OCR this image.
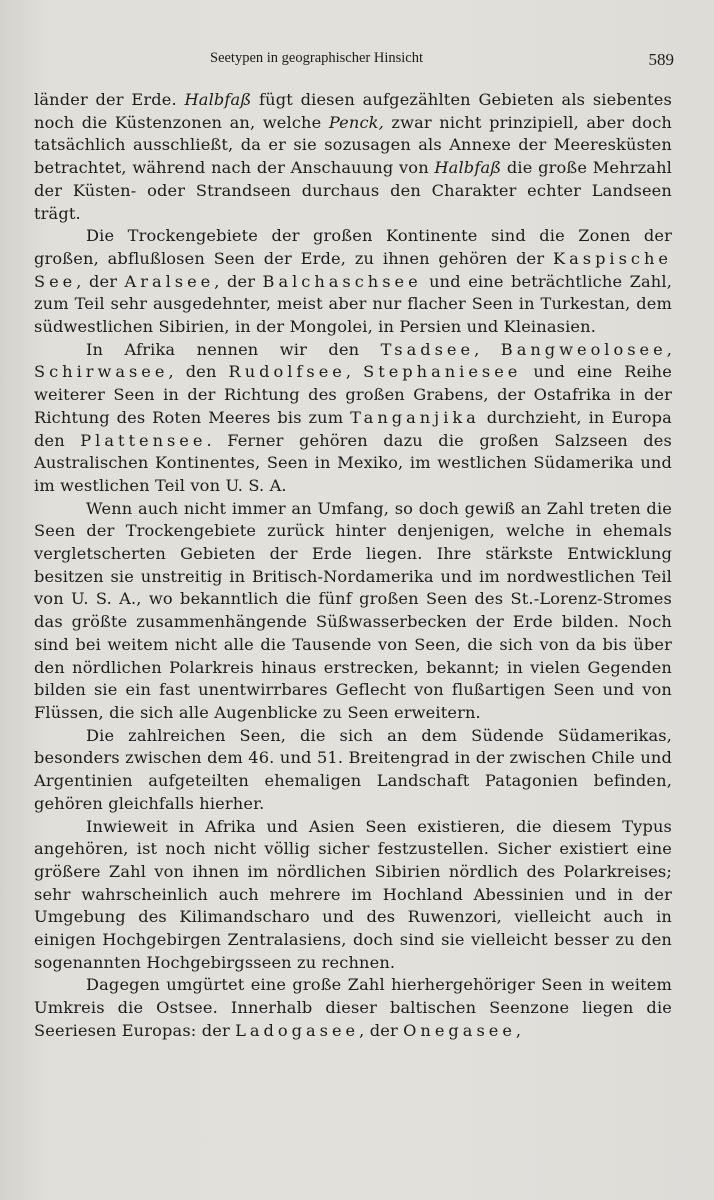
Seetypen in geographischer Hinsicht	589

länder der Erde. Halbfaß fügt diesen aufgezählten Gebieten als siebentes noch die Küstenzonen an, welche Penck, zwar nicht prinzipiell, aber doch tatsächlich ausschließt, da er sie sozusagen als Annexe der Meeresküsten betrachtet, während nach der Anschauung von Halbfaß die große Mehrzahl der Küsten- oder Strandseen durchaus den Charakter echter Landseen trägt.

Die Trockengebiete der großen Kontinente sind die Zonen der großen, abflußlosen Seen der Erde, zu ihnen gehören der Kaspische See, der Aralsee, der Balchaschsee und eine beträchtliche Zahl, zum Teil sehr ausgedehnter, meist aber nur flacher Seen in Turkestan, dem südwestlichen Sibirien, in der Mongolei, in Persien und Kleinasien.

In Afrika nennen wir den Tsadsee, Bangweolosee, Schirwasee, den Rudolfsee, Stephaniesee und eine Reihe weiterer Seen in der Richtung des großen Grabens, der Ostafrika in der Richtung des Roten Meeres bis zum Tanganjika durchzieht, in Europa den Plattensee. Ferner gehören dazu die großen Salzseen des Australischen Kontinentes, Seen in Mexiko, im westlichen Südamerika und im westlichen Teil von U. S. A.

Wenn auch nicht immer an Umfang, so doch gewiß an Zahl treten die Seen der Trockengebiete zurück hinter denjenigen, welche in ehemals vergletscherten Gebieten der Erde liegen. Ihre stärkste Entwicklung besitzen sie unstreitig in Britisch-Nordamerika und im nordwestlichen Teil von U. S. A., wo bekanntlich die fünf großen Seen des St.-Lorenz-Stromes das größte zusammenhängende Süßwasserbecken der Erde bilden. Noch sind bei weitem nicht alle die Tausende von Seen, die sich von da bis über den nördlichen Polarkreis hinaus erstrecken, bekannt; in vielen Gegenden bilden sie ein fast unentwirrbares Geflecht von flußartigen Seen und von Flüssen, die sich alle Augenblicke zu Seen erweitern.

Die zahlreichen Seen, die sich an dem Südende Südamerikas, besonders zwischen dem 46. und 51. Breitengrad in der zwischen Chile und Argentinien aufgeteilten ehemaligen Landschaft Patagonien befinden, gehören gleichfalls hierher.

Inwieweit in Afrika und Asien Seen existieren, die diesem Typus angehören, ist noch nicht völlig sicher festzustellen. Sicher existiert eine größere Zahl von ihnen im nördlichen Sibirien nördlich des Polarkreises; sehr wahrscheinlich auch mehrere im Hochland Abessinien und in der Umgebung des Kilimandscharo und des Ruwenzori, vielleicht auch in einigen Hochgebirgen Zentralasiens, doch sind sie vielleicht besser zu den sogenannten Hochgebirgsseen zu rechnen.

Dagegen umgürtet eine große Zahl hierhergehöriger Seen in weitem Umkreis die Ostsee. Innerhalb dieser baltischen Seenzone liegen die Seeriesen Europas: der Ladogasee, der Onegasee,
